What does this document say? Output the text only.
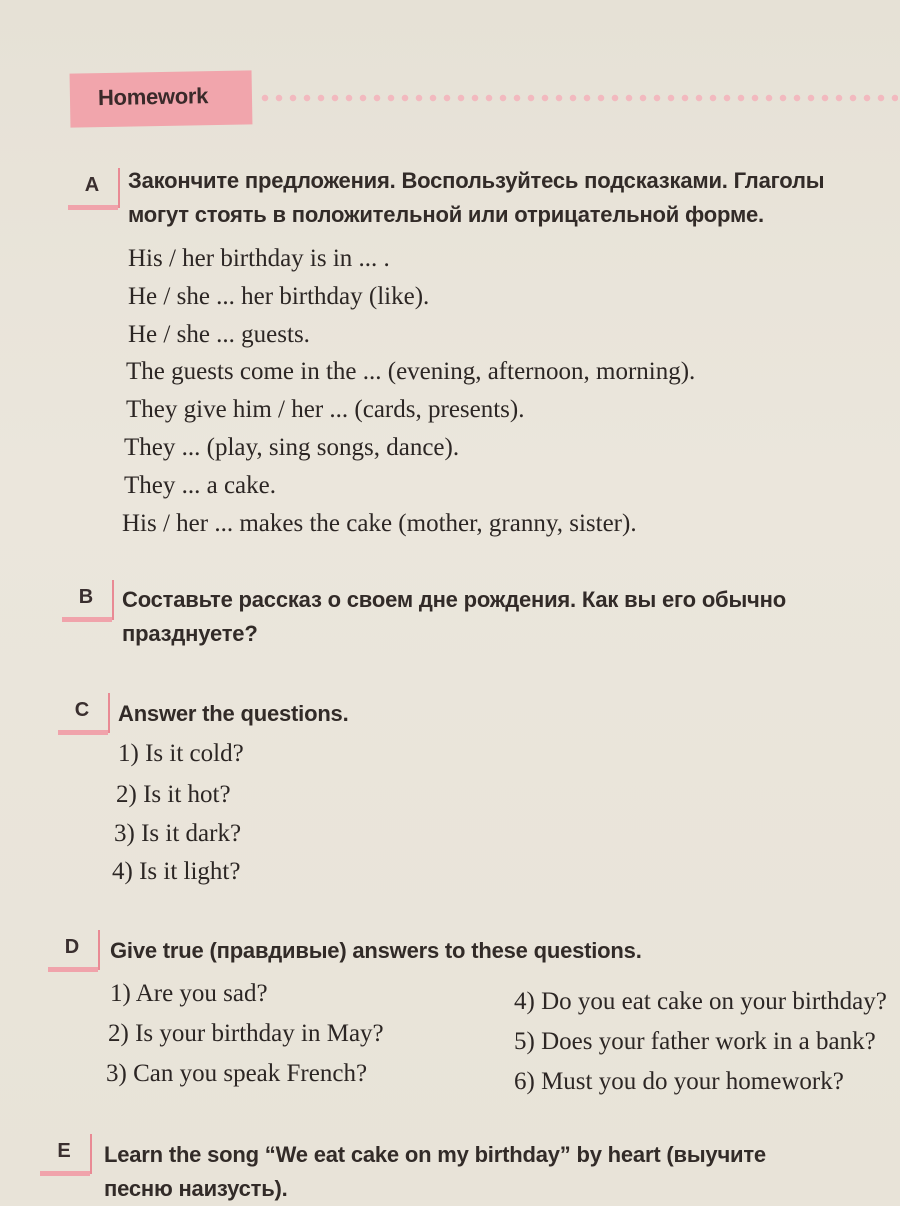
Homework
A	Закончите предложения. Воспользуйтесь подсказками. Глаголы
могут стоять в положительной или отрицательной форме.
His / her birthday is in ... .
He / she ... her birthday (like).
He / she ... guests.
The guests come in the ... (evening, afternoon, morning).
They give him / her ... (cards, presents).
They ... (play, sing songs, dance).
They ... a cake.
His / her ... makes the cake (mother, granny, sister).
B	Составьте рассказ о своем дне рождения. Как вы его обычно
празднуете?
C	Answer the questions.
1) Is it cold?
2) Is it hot?
3) Is it dark?
4) Is it light?
D	Give true (правдивые) answers to these questions.
1) Are you sad?
2) Is your birthday in May?
3) Can you speak French?
4) Do you eat cake on your birthday?
5) Does your father work in a bank?
6) Must you do your homework?
E	Learn the song “We eat cake on my birthday” by heart (выучите
песню наизусть).
